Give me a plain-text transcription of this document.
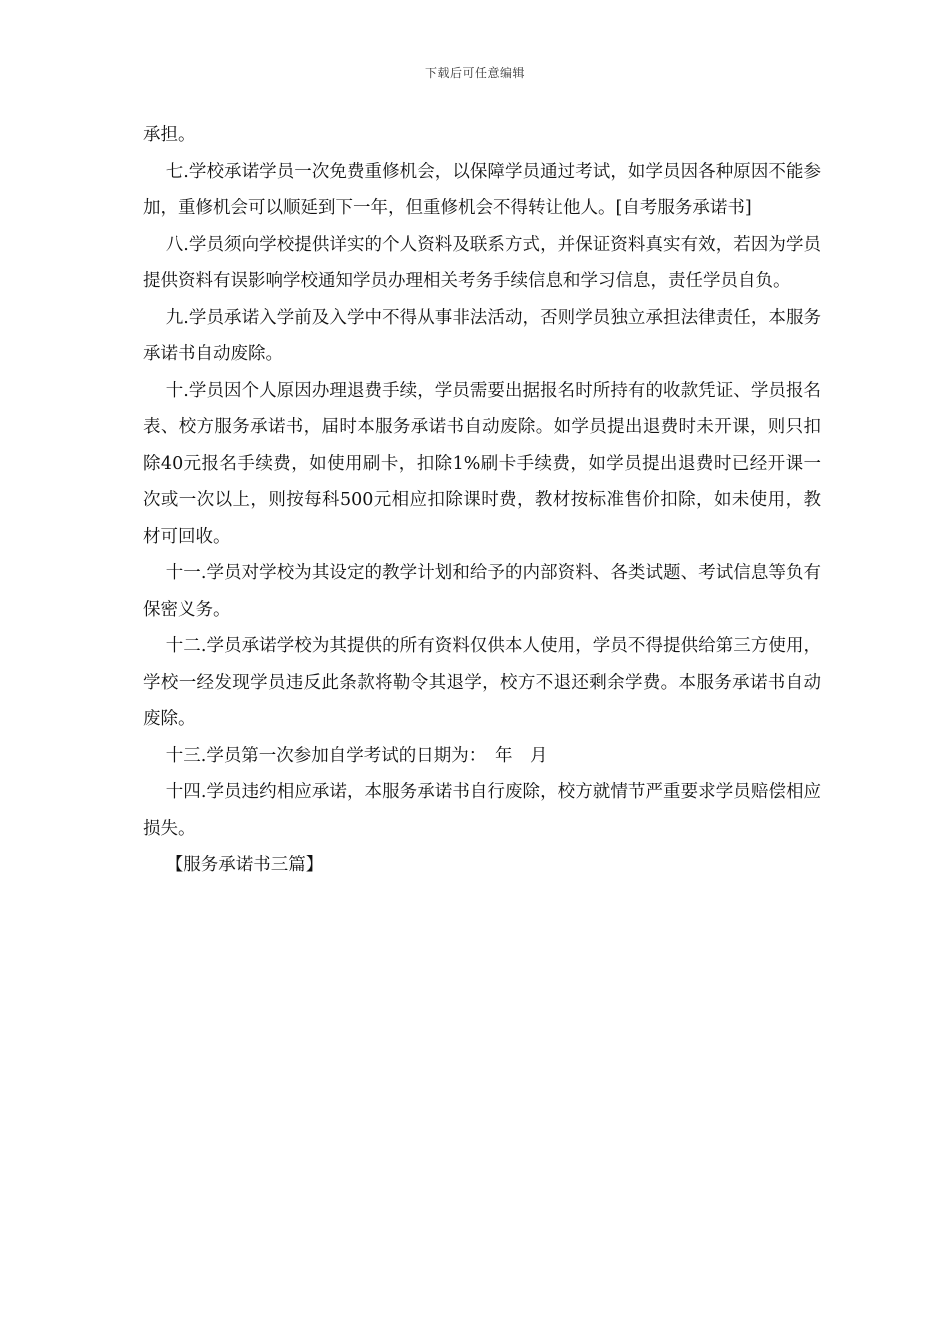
下载后可任意编辑

承担。

七.学校承诺学员一次免费重修机会，以保障学员通过考试，如学员因各种原因不能参加，重修机会可以顺延到下一年，但重修机会不得转让他人。[自考服务承诺书]

八.学员须向学校提供详实的个人资料及联系方式，并保证资料真实有效，若因为学员提供资料有误影响学校通知学员办理相关考务手续信息和学习信息，责任学员自负。

九.学员承诺入学前及入学中不得从事非法活动，否则学员独立承担法律责任，本服务承诺书自动废除。

十.学员因个人原因办理退费手续，学员需要出据报名时所持有的收款凭证、学员报名表、校方服务承诺书，届时本服务承诺书自动废除。如学员提出退费时未开课，则只扣除40元报名手续费，如使用刷卡，扣除1%刷卡手续费，如学员提出退费时已经开课一次或一次以上，则按每科500元相应扣除课时费，教材按标准售价扣除，如未使用，教材可回收。

十一.学员对学校为其设定的教学计划和给予的内部资料、各类试题、考试信息等负有保密义务。

十二.学员承诺学校为其提供的所有资料仅供本人使用，学员不得提供给第三方使用，学校一经发现学员违反此条款将勒令其退学，校方不退还剩余学费。本服务承诺书自动废除。

十三.学员第一次参加自学考试的日期为：　年　月

十四.学员违约相应承诺，本服务承诺书自行废除，校方就情节严重要求学员赔偿相应损失。

【服务承诺书三篇】
